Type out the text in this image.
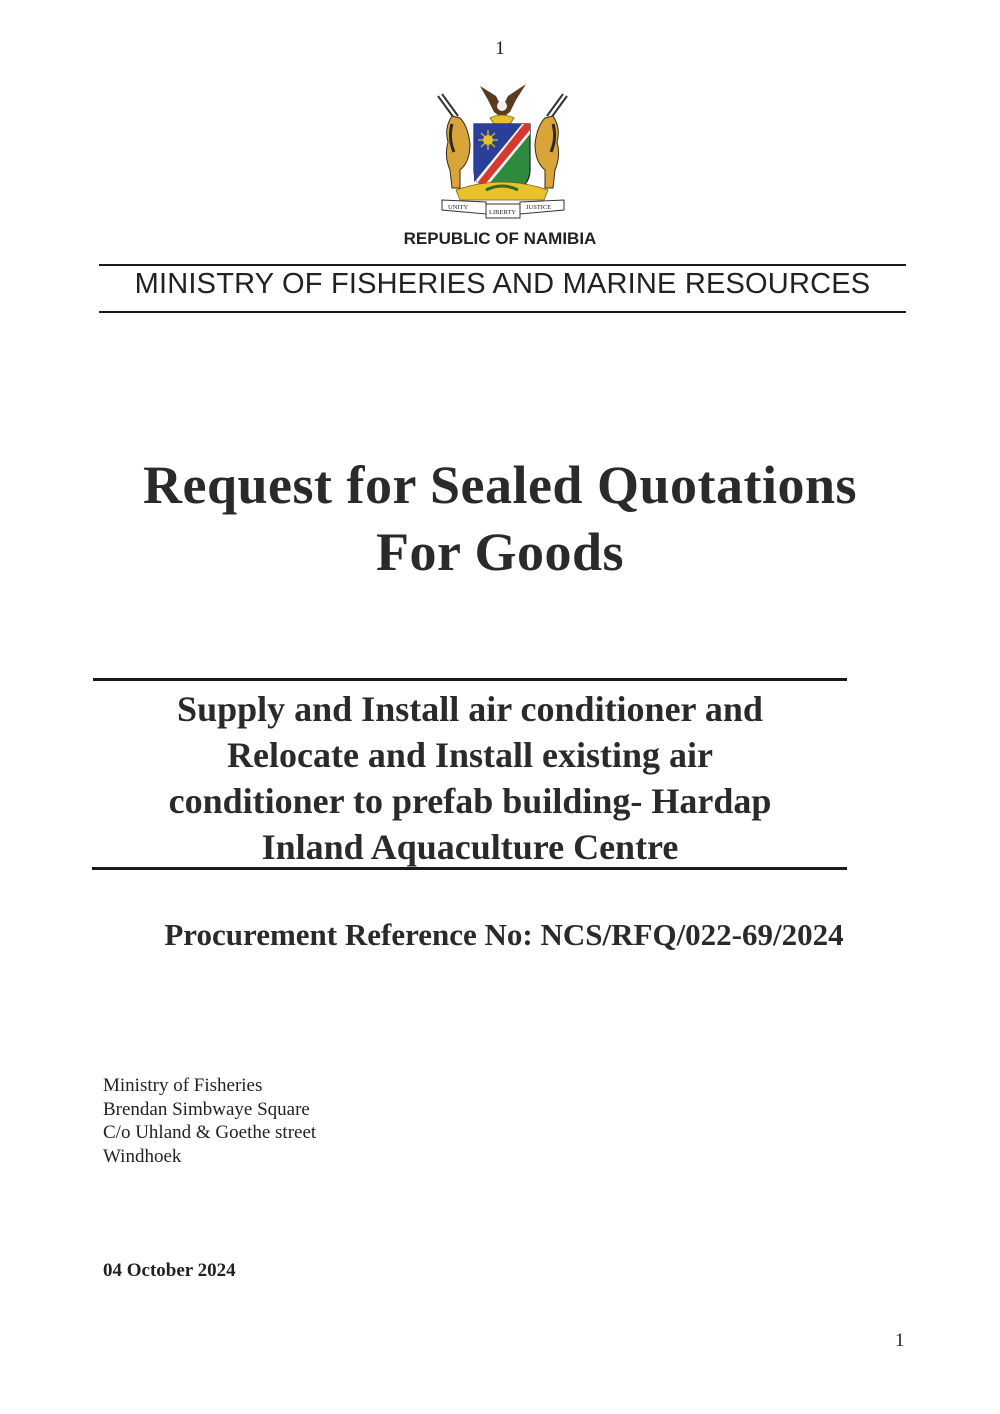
1
UNITY
LIBERTY
JUSTICE
REPUBLIC OF NAMIBIA
MINISTRY OF FISHERIES AND MARINE RESOURCES
Request for Sealed Quotations
For Goods
Supply and Install air conditioner and
Relocate and Install existing air
conditioner to prefab building- Hardap
Inland Aquaculture Centre
Procurement Reference No: NCS/RFQ/022-69/2024
Ministry of Fisheries
Brendan Simbwaye Square
C/o Uhland & Goethe street
Windhoek
04 October 2024
1
